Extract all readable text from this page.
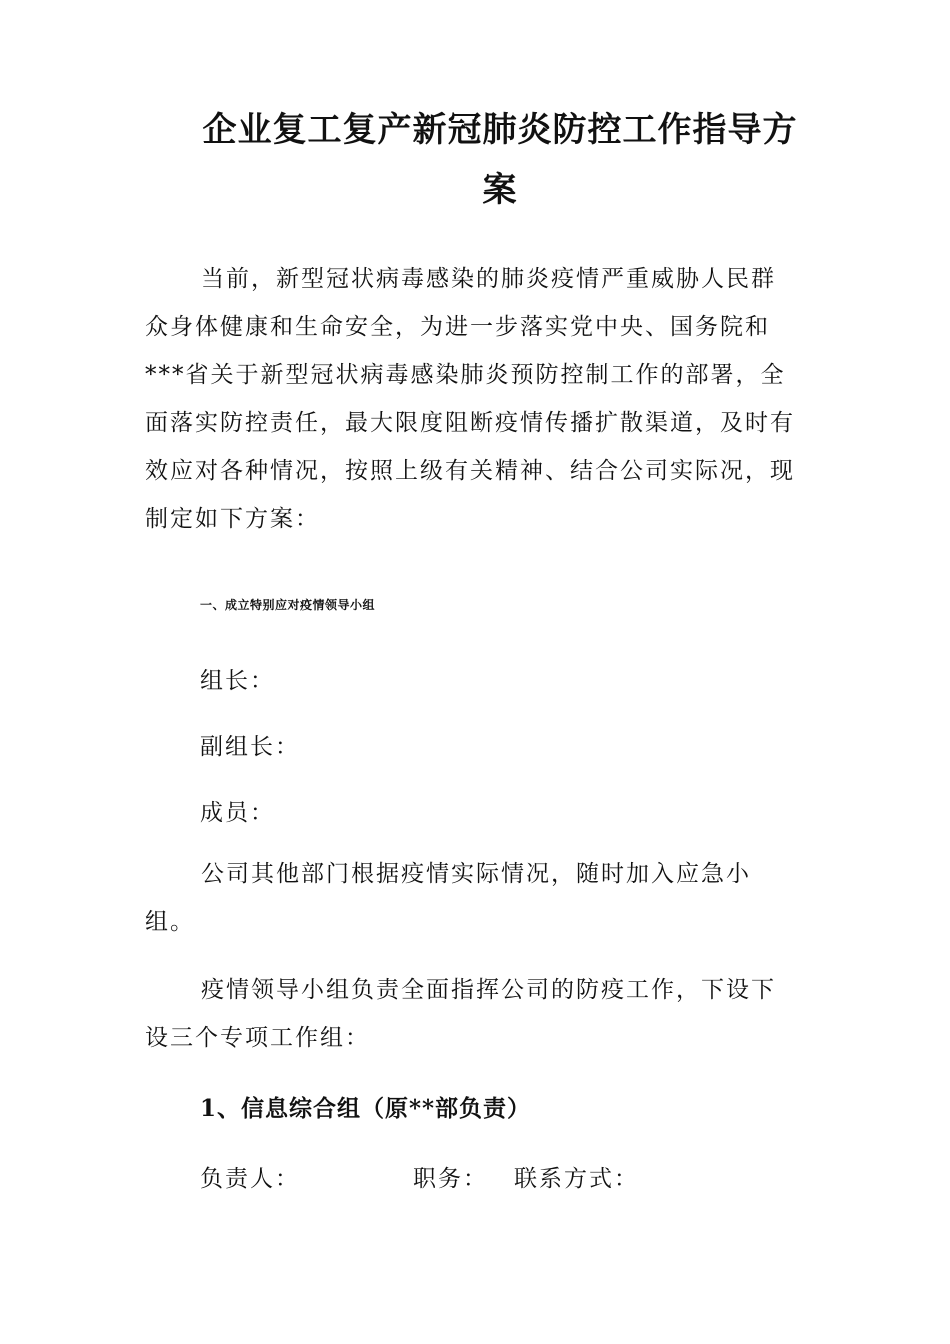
企业复工复产新冠肺炎防控工作指导方
案

当前，新型冠状病毒感染的肺炎疫情严重威胁人民群众身体健康和生命安全，为进一步落实党中央、国务院和***省关于新型冠状病毒感染肺炎预防控制工作的部署，全面落实防控责任，最大限度阻断疫情传播扩散渠道，及时有效应对各种情况，按照上级有关精神、结合公司实际况，现制定如下方案：

一、成立特别应对疫情领导小组
组长：
副组长：
成员：

公司其他部门根据疫情实际情况，随时加入应急小组。

疫情领导小组负责全面指挥公司的防疫工作，下设下设三个专项工作组：

1、信息综合组（原**部负责）
负责人：	职务： 联系方式：
